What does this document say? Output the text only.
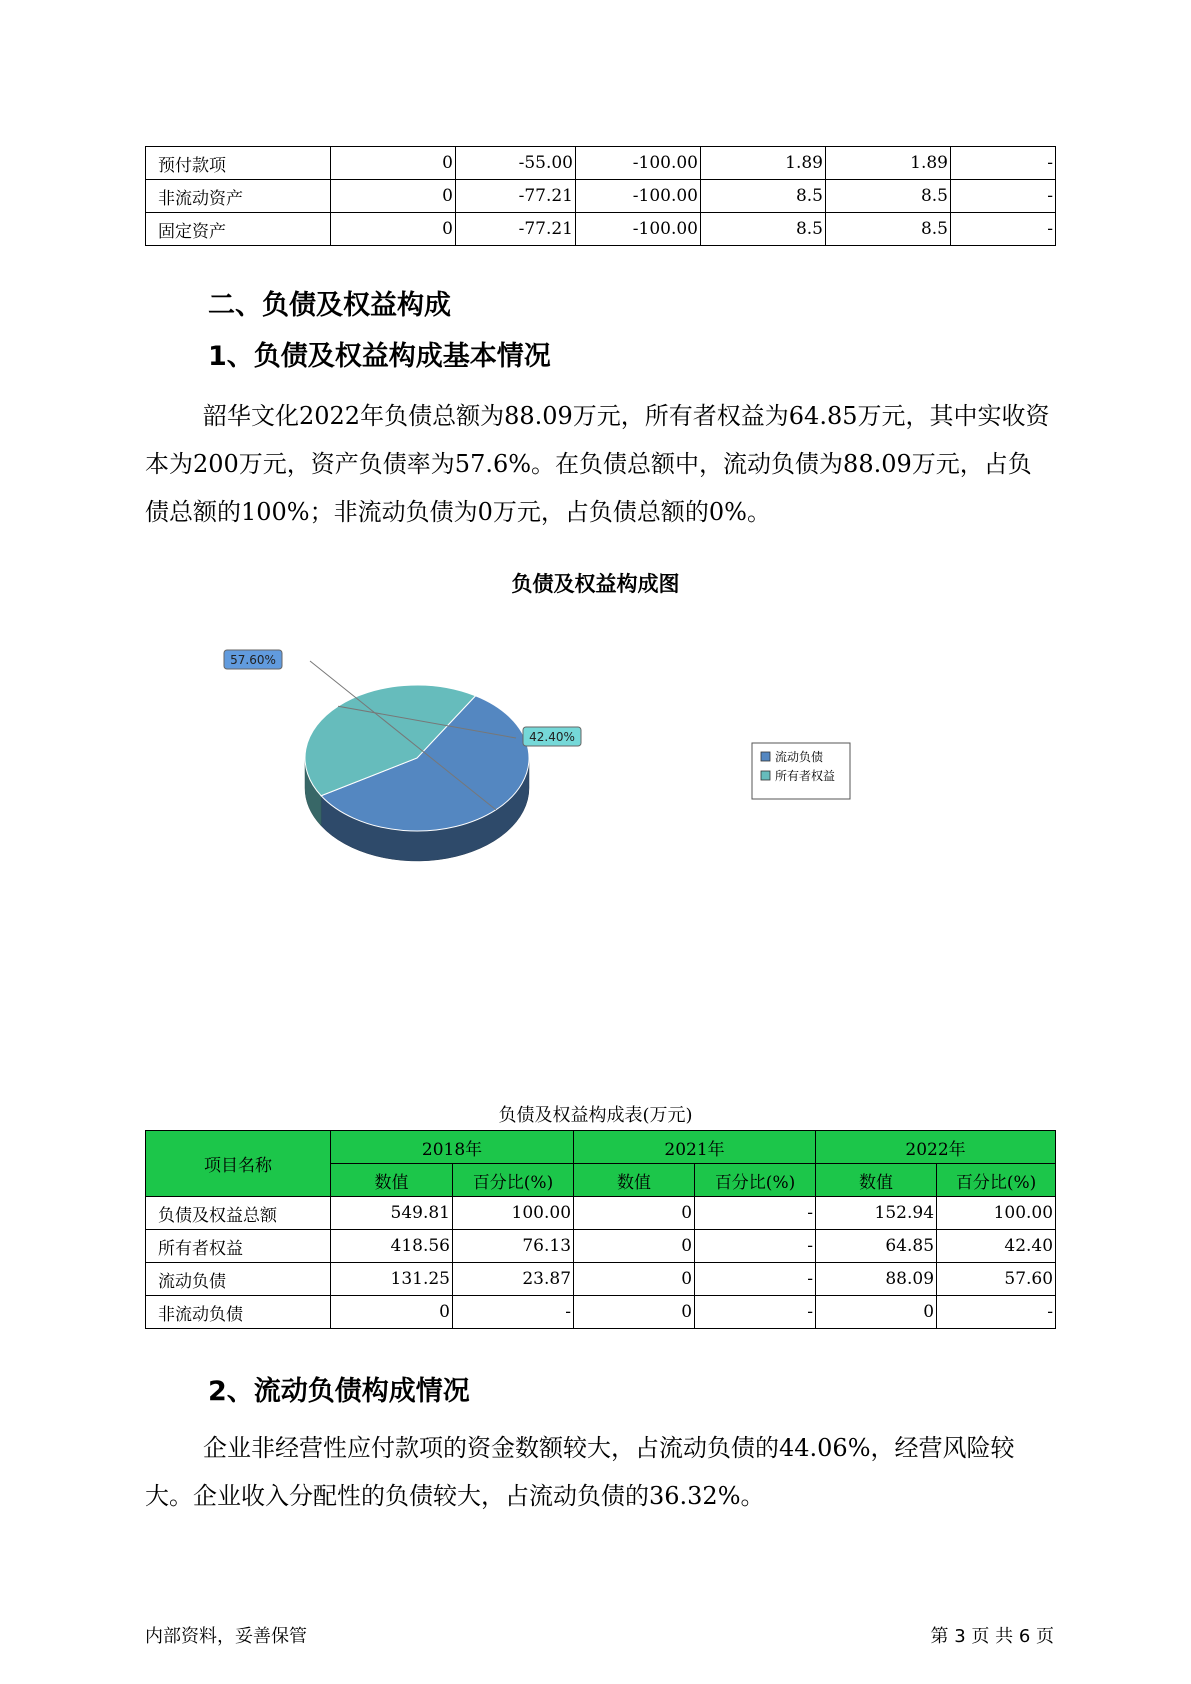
预付款项	0	-55.00	-100.00	1.89	1.89	-
非流动资产	0	-77.21	-100.00	8.5	8.5	-
固定资产	0	-77.21	-100.00	8.5	8.5	-
二、负债及权益构成
1、负债及权益构成基本情况

韶华文化2022年负债总额为88.09万元，所有者权益为64.85万元，其中实收资本为200万元，资产负债率为57.6%。在负债总额中，流动负债为88.09万元，占负债总额的100%；非流动负债为0万元，占负债总额的0%。

负债及权益构成图
57.60%
42.40%
流动负债
所有者权益
负债及权益构成表(万元)
项目名称	2018年		2021年		2022年	
	数值	百分比(%)	数值	百分比(%)	数值	百分比(%)
负债及权益总额	549.81	100.00	0	-	152.94	100.00
所有者权益	418.56	76.13	0	-	64.85	42.40
流动负债	131.25	23.87	0	-	88.09	57.60
非流动负债	0	-	0	-	0	-
2、流动负债构成情况

企业非经营性应付款项的资金数额较大，占流动负债的44.06%，经营风险较大。企业收入分配性的负债较大，占流动负债的36.32%。

内部资料，妥善保管	第 3 页 共 6 页
